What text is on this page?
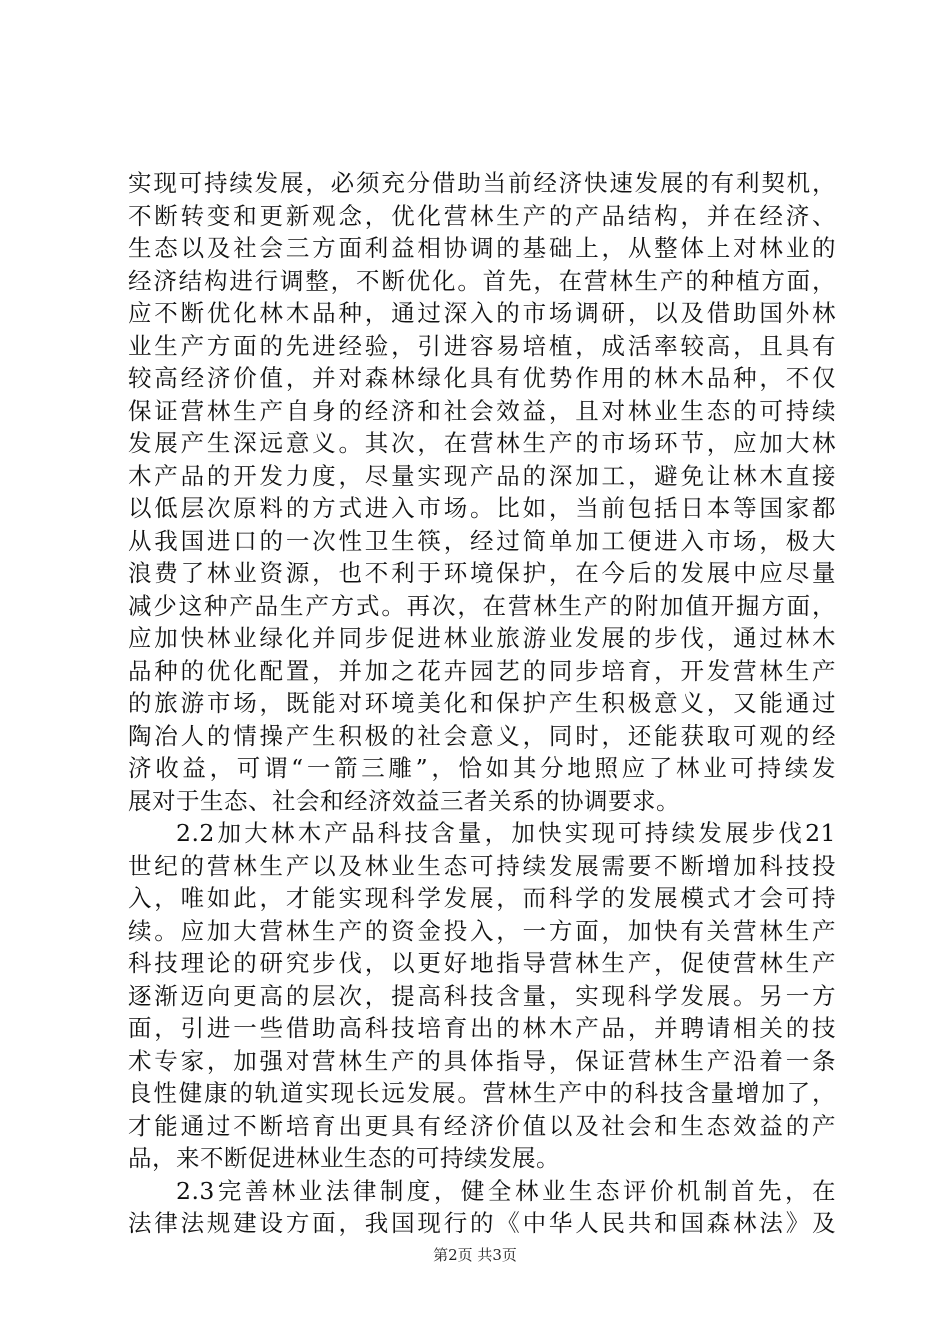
实现可持续发展，必须充分借助当前经济快速发展的有利契机，
不断转变和更新观念，优化营林生产的产品结构，并在经济、
生态以及社会三方面利益相协调的基础上，从整体上对林业的
经济结构进行调整，不断优化。首先，在营林生产的种植方面，
应不断优化林木品种，通过深入的市场调研，以及借助国外林
业生产方面的先进经验，引进容易培植，成活率较高，且具有
较高经济价值，并对森林绿化具有优势作用的林木品种，不仅
保证营林生产自身的经济和社会效益，且对林业生态的可持续
发展产生深远意义。其次，在营林生产的市场环节，应加大林
木产品的开发力度，尽量实现产品的深加工，避免让林木直接
以低层次原料的方式进入市场。比如，当前包括日本等国家都
从我国进口的一次性卫生筷，经过简单加工便进入市场，极大
浪费了林业资源，也不利于环境保护，在今后的发展中应尽量
减少这种产品生产方式。再次，在营林生产的附加值开掘方面，
应加快林业绿化并同步促进林业旅游业发展的步伐，通过林木
品种的优化配置，并加之花卉园艺的同步培育，开发营林生产
的旅游市场，既能对环境美化和保护产生积极意义，又能通过
陶冶人的情操产生积极的社会意义，同时，还能获取可观的经
济收益，可谓“一箭三雕”，恰如其分地照应了林业可持续发
展对于生态、社会和经济效益三者关系的协调要求。
2.2加大林木产品科技含量，加快实现可持续发展步伐21
世纪的营林生产以及林业生态可持续发展需要不断增加科技投
入，唯如此，才能实现科学发展，而科学的发展模式才会可持
续。应加大营林生产的资金投入，一方面，加快有关营林生产
科技理论的研究步伐，以更好地指导营林生产，促使营林生产
逐渐迈向更高的层次，提高科技含量，实现科学发展。另一方
面，引进一些借助高科技培育出的林木产品，并聘请相关的技
术专家，加强对营林生产的具体指导，保证营林生产沿着一条
良性健康的轨道实现长远发展。营林生产中的科技含量增加了，
才能通过不断培育出更具有经济价值以及社会和生态效益的产
品，来不断促进林业生态的可持续发展。
2.3完善林业法律制度，健全林业生态评价机制首先，在
法律法规建设方面，我国现行的《中华人民共和国森林法》及
第2页 共3页
